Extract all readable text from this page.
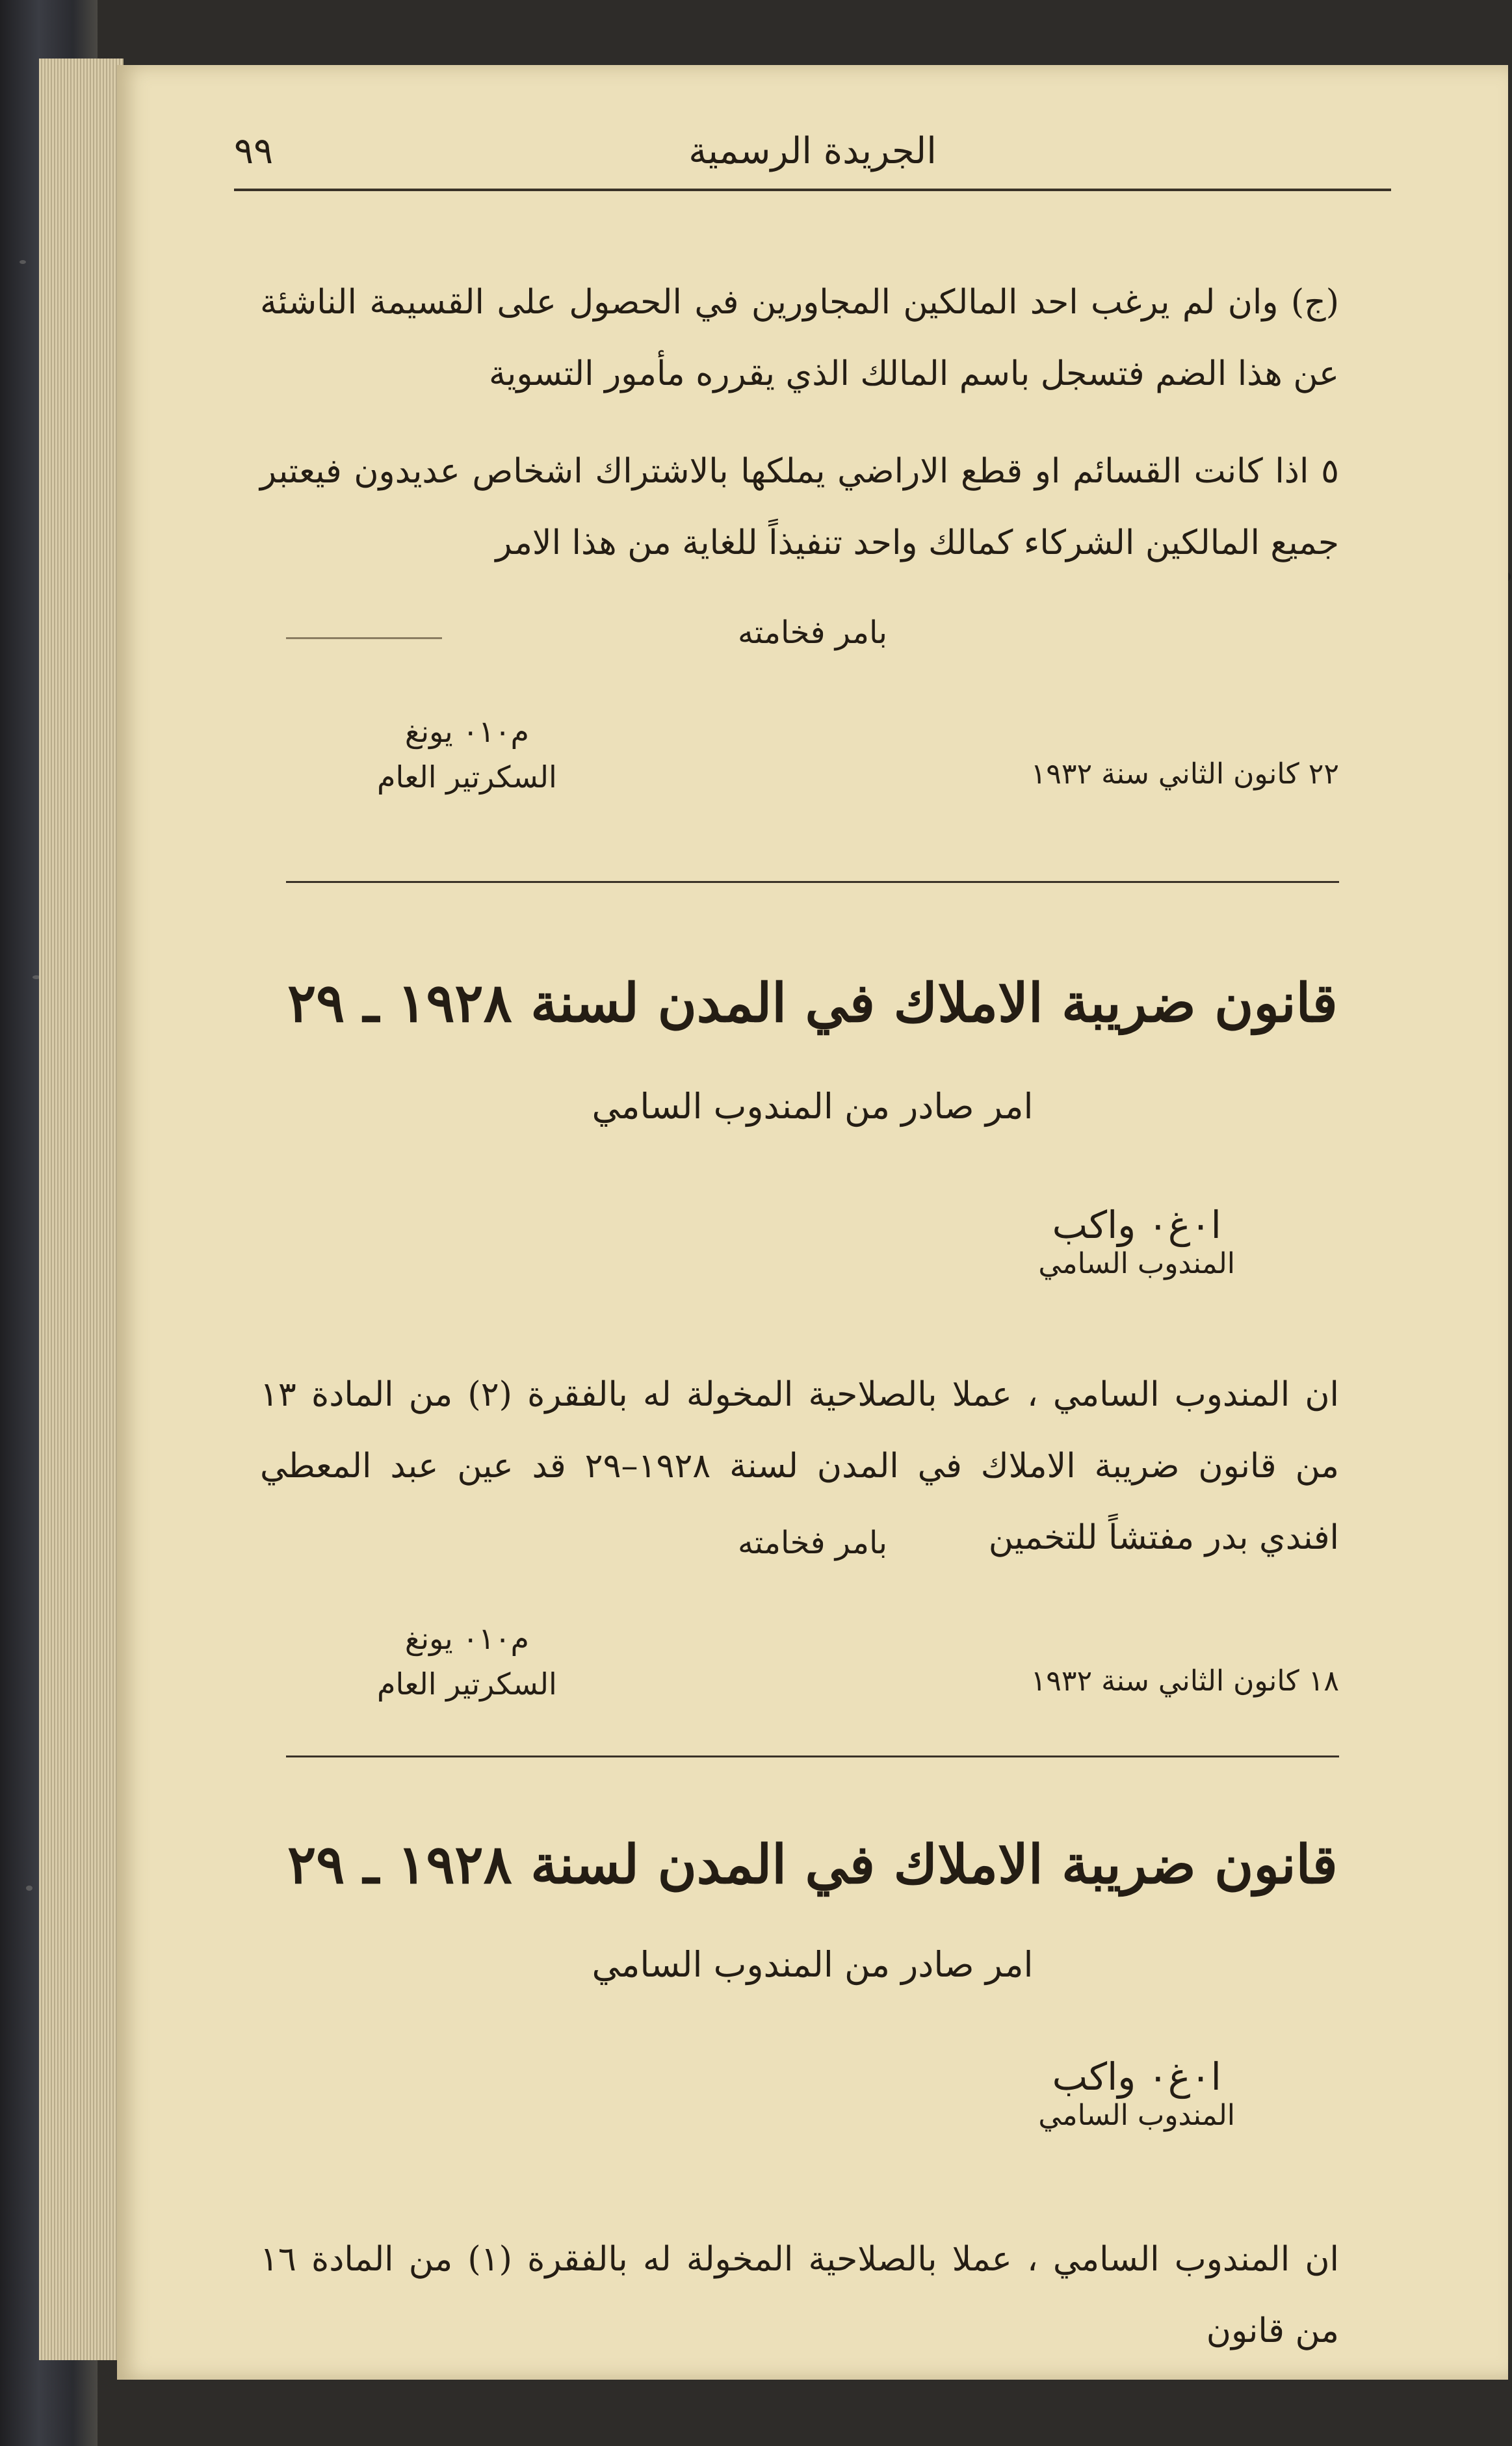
الجريدة الرسمية
٩٩
(ج) وان لم يرغب احد المالكين المجاورين في الحصول على القسيمة الناشئة عن هذا الضم فتسجل باسم المالك الذي يقرره مأمور التسوية
٥ اذا كانت القسائم او قطع الاراضي يملكها بالاشتراك اشخاص عديدون فيعتبر جميع المالكين الشركاء كمالك واحد تنفيذاً للغاية من هذا الامر
بامر فخامته
م٠١٠ يونغ
السكرتير العام	٢٢ كانون الثاني سنة ١٩٣٢
قانون ضريبة الاملاك في المدن لسنة ١٩٢٨ ـ ٢٩
امر صادر من المندوب السامي
ا٠غ٠ واكب
المندوب السامي
ان المندوب السامي ، عملا بالصلاحية المخولة له بالفقرة (٢) من المادة ١٣ من قانون ضريبة الاملاك في المدن لسنة ١٩٢٨–٢٩ قد عين عبد المعطي افندي بدر مفتشاً للتخمين
بامر فخامته
م٠١٠ يونغ
السكرتير العام	١٨ كانون الثاني سنة ١٩٣٢
قانون ضريبة الاملاك في المدن لسنة ١٩٢٨ ـ ٢٩
امر صادر من المندوب السامي
ا٠غ٠ واكب
المندوب السامي
ان المندوب السامي ، عملا بالصلاحية المخولة له بالفقرة (١) من المادة ١٦ من قانون
